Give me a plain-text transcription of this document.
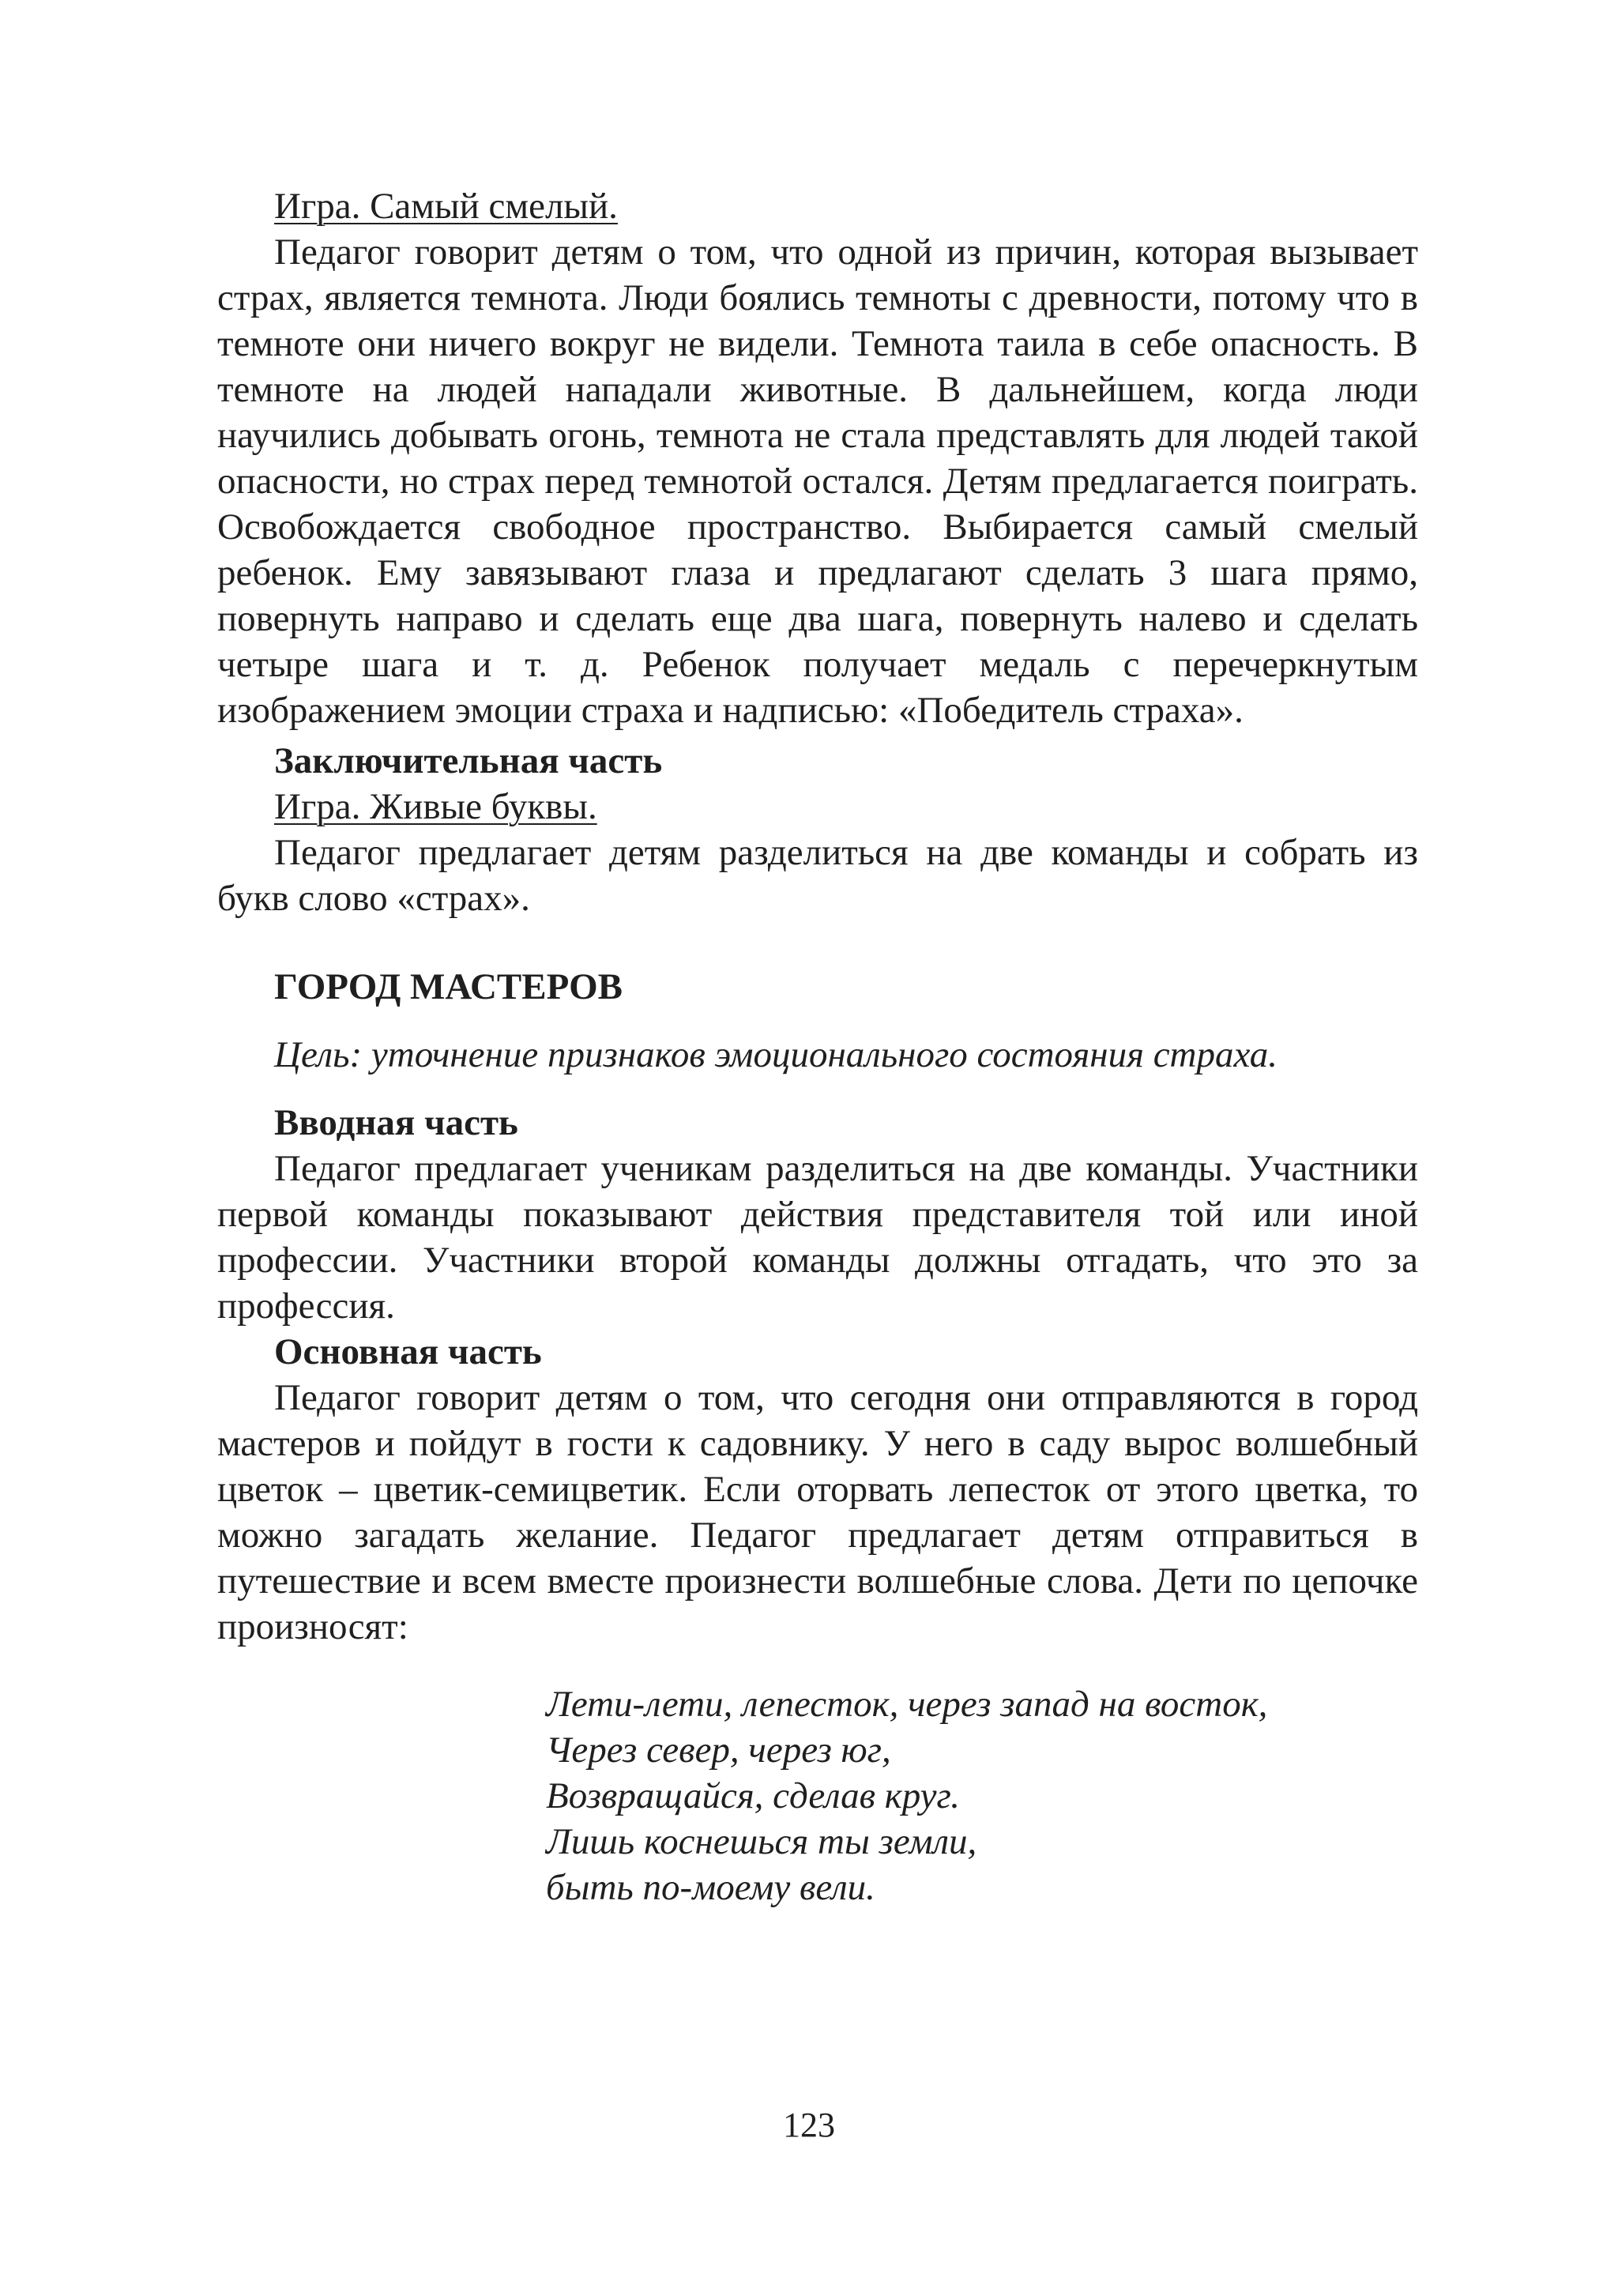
Игра. Самый смелый.

Педагог говорит детям о том, что одной из причин, которая вызывает страх, является темнота. Люди боялись темноты с древности, потому что в темноте они ничего вокруг не видели. Темнота таила в себе опасность. В темноте на людей нападали животные. В дальнейшем, когда люди научились добывать огонь, темнота не стала представлять для людей такой опасности, но страх перед темнотой остался. Детям предлагается поиграть. Освобождается свободное пространство. Выбирается самый смелый ребенок. Ему завязывают глаза и предлагают сделать 3 шага прямо, повернуть направо и сделать еще два шага, повернуть налево и сделать четыре шага и т. д. Ребенок получает медаль с перечеркнутым изображением эмоции страха и надписью: «Победитель страха».

Заключительная часть

Игра. Живые буквы.

Педагог предлагает детям разделиться на две команды и собрать из букв слово «страх».

ГОРОД МАСТЕРОВ

Цель: уточнение признаков эмоционального состояния страха.

Вводная часть

Педагог предлагает ученикам разделиться на две команды. Участники первой команды показывают действия представителя той или иной профессии. Участники второй команды должны отгадать, что это за профессия.

Основная часть

Педагог говорит детям о том, что сегодня они отправляются в город мастеров и пойдут в гости к садовнику. У него в саду вырос волшебный цветок – цветик-семицветик. Если оторвать лепесток от этого цветка, то можно загадать желание. Педагог предлагает детям отправиться в путешествие и всем вместе произнести волшебные слова. Дети по цепочке произносят:

Лети-лети, лепесток, через запад на восток,

Через север, через юг,

Возвращайся, сделав круг.

Лишь коснешься ты земли,

быть по-моему вели.

123
